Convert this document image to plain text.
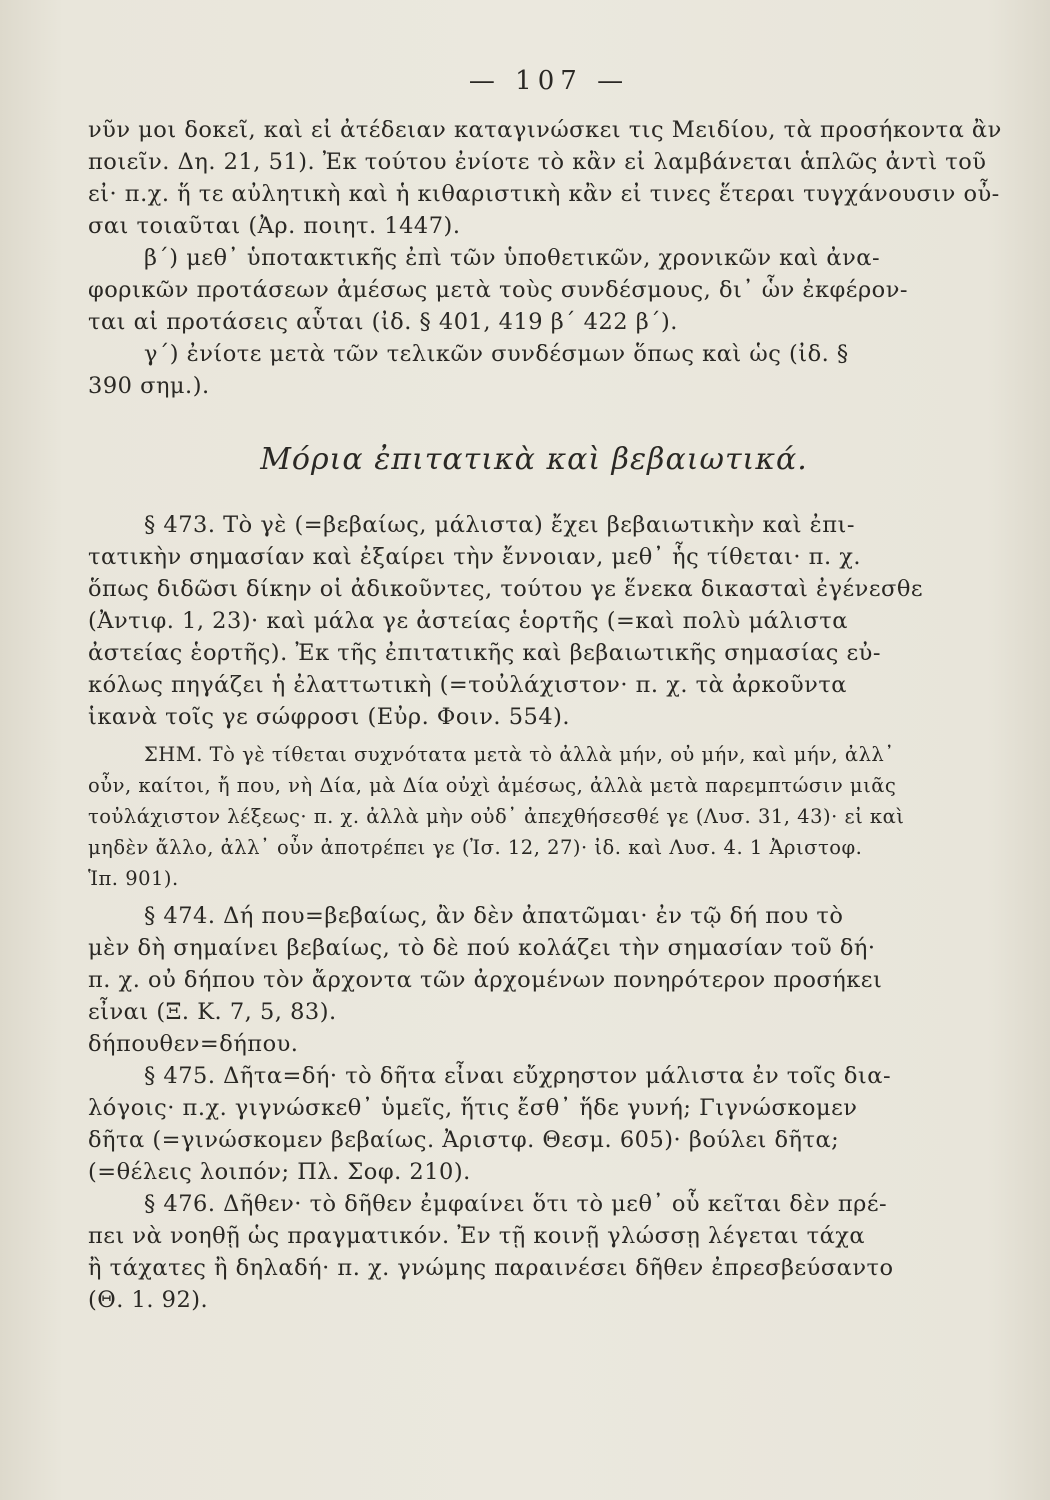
— 107 —
νῦν μοι δοκεῖ, καὶ εἰ ἀτέδειαν καταγινώσκει τις Μειδίου, τὰ προσήκοντα ἂν
ποιεῖν. Δη. 21, 51). Ἐκ τούτου ἐνίοτε τὸ κἂν εἰ λαμβάνεται ἁπλῶς ἀντὶ τοῦ
εἰ· π.χ. ἥ τε αὐλητικὴ καὶ ἡ κιθαριστικὴ κἂν εἰ τινες ἕτεραι τυγχάνουσιν οὖ-
σαι τοιαῦται (Ἀρ. ποιητ. 1447).
β΄) μεθ᾽ ὑποτακτικῆς ἐπὶ τῶν ὑποθετικῶν, χρονικῶν καὶ ἀνα-
φορικῶν προτάσεων ἀμέσως μετὰ τοὺς συνδέσμους, δι᾽ ὧν ἐκφέρον-
ται αἱ προτάσεις αὗται (ἰδ. § 401, 419 β΄ 422 β΄).
γ΄) ἐνίοτε μετὰ τῶν τελικῶν συνδέσμων ὅπως καὶ ὡς (ἰδ. §
390 σημ.).
Μόρια ἐπιτατικὰ καὶ βεβαιωτικά.
§ 473. Τὸ γὲ (=βεβαίως, μάλιστα) ἔχει βεβαιωτικὴν καὶ ἐπι-
τατικὴν σημασίαν καὶ ἐξαίρει τὴν ἔννοιαν, μεθ᾽ ἧς τίθεται· π. χ.
ὅπως διδῶσι δίκην οἱ ἀδικοῦντες, τούτου γε ἕνεκα δικασταὶ ἐγένεσθε
(Ἀντιφ. 1, 23)· καὶ μάλα γε ἀστείας ἑορτῆς (=καὶ πολὺ μάλιστα
ἀστείας ἑορτῆς). Ἐκ τῆς ἐπιτατικῆς καὶ βεβαιωτικῆς σημασίας εὐ-
κόλως πηγάζει ἡ ἐλαττωτικὴ (=τοὐλάχιστον· π. χ. τὰ ἀρκοῦντα
ἱκανὰ τοῖς γε σώφροσι (Εὐρ. Φοιν. 554).
ΣΗΜ. Τὸ γὲ τίθεται συχνότατα μετὰ τὸ ἀλλὰ μήν, οὐ μήν, καὶ μήν, ἀλλ᾽
οὖν, καίτοι, ἤ που, νὴ Δία, μὰ Δία οὐχὶ ἀμέσως, ἀλλὰ μετὰ παρεμπτώσιν μιᾶς
τοὐλάχιστον λέξεως· π. χ. ἀλλὰ μὴν οὐδ᾽ ἀπεχθήσεσθέ γε (Λυσ. 31, 43)· εἰ καὶ
μηδὲν ἄλλο, ἀλλ᾽ οὖν ἀποτρέπει γε (Ἰσ. 12, 27)· ἰδ. καὶ Λυσ. 4. 1 Ἀριστοφ.
Ἱπ. 901).
§ 474. Δή που=βεβαίως, ἂν δὲν ἀπατῶμαι· ἐν τῷ δή που τὸ
μὲν δὴ σημαίνει βεβαίως, τὸ δὲ πού κολάζει τὴν σημασίαν τοῦ δή·
π. χ. οὐ δήπου τὸν ἄρχοντα τῶν ἀρχομένων πονηρότερον προσήκει
εἶναι (Ξ. Κ. 7, 5, 83).
δήπουθεν=δήπου.
§ 475. Δῆτα=δή· τὸ δῆτα εἶναι εὔχρηστον μάλιστα ἐν τοῖς δια-
λόγοις· π.χ. γιγνώσκεθ᾽ ὑμεῖς, ἥτις ἔσθ᾽ ἥδε γυνή; Γιγνώσκομεν
δῆτα (=γινώσκομεν βεβαίως. Ἀριστφ. Θεσμ. 605)· βούλει δῆτα;
(=θέλεις λοιπόν; Πλ. Σοφ. 210).
§ 476. Δῆθεν· τὸ δῆθεν ἐμφαίνει ὅτι τὸ μεθ᾽ οὗ κεῖται δὲν πρέ-
πει νὰ νοηθῇ ὡς πραγματικόν. Ἐν τῇ κοινῇ γλώσσῃ λέγεται τάχα
ἢ τάχατες ἢ δηλαδή· π. χ. γνώμης παραινέσει δῆθεν ἐπρεσβεύσαντο
(Θ. 1. 92).
